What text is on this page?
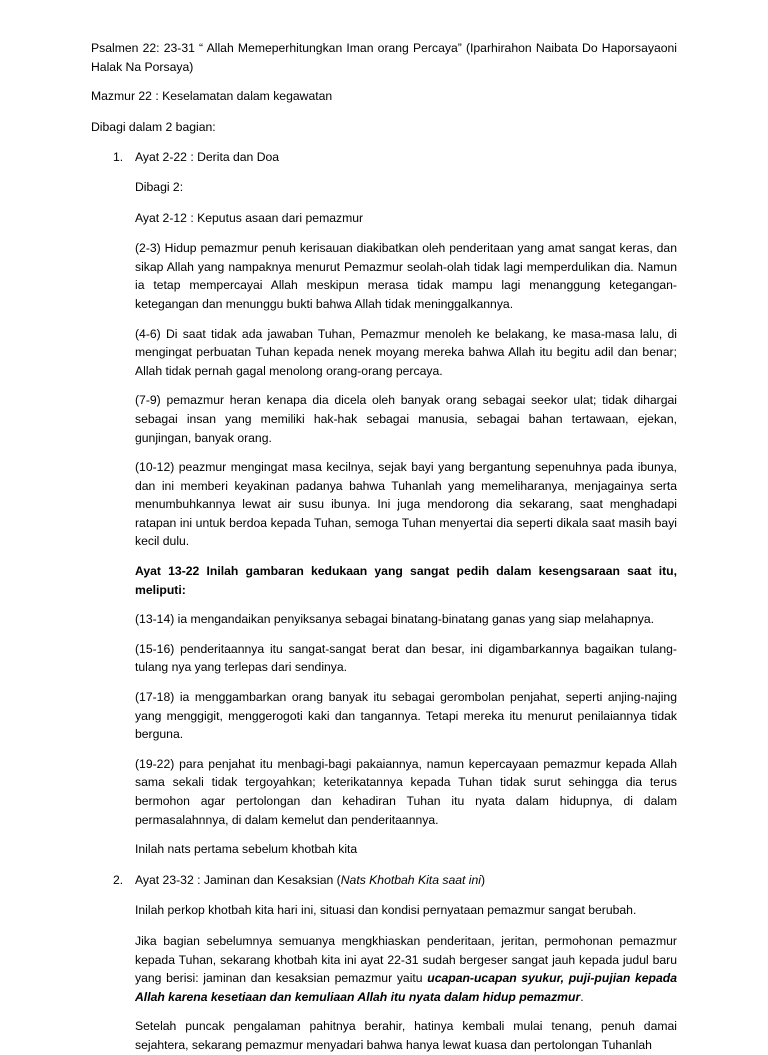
Psalmen 22: 23-31 “ Allah Memeperhitungkan Iman orang Percaya” (Iparhirahon Naibata Do Haporsayaoni Halak Na Porsaya)

Mazmur 22 : Keselamatan dalam kegawatan

Dibagi dalam 2 bagian:

1. Ayat 2-22 : Derita dan Doa

Dibagi 2:

Ayat 2-12 : Keputus asaan dari pemazmur

(2-3) Hidup pemazmur penuh kerisauan diakibatkan oleh penderitaan yang amat sangat keras, dan sikap Allah yang nampaknya menurut Pemazmur seolah-olah tidak lagi memperdulikan dia. Namun ia tetap mempercayai Allah meskipun merasa tidak mampu lagi menanggung ketegangan-ketegangan dan menunggu bukti bahwa Allah tidak meninggalkannya.

(4-6) Di saat tidak ada jawaban Tuhan, Pemazmur menoleh ke belakang, ke masa-masa lalu, di mengingat perbuatan Tuhan kepada nenek moyang mereka bahwa Allah itu begitu adil dan benar; Allah tidak pernah gagal menolong orang-orang percaya.

(7-9) pemazmur heran kenapa dia dicela oleh banyak orang sebagai seekor ulat; tidak dihargai sebagai insan yang memiliki hak-hak sebagai manusia, sebagai bahan tertawaan, ejekan, gunjingan, banyak orang.

(10-12) peazmur mengingat masa kecilnya, sejak bayi yang bergantung sepenuhnya pada ibunya, dan ini memberi keyakinan padanya bahwa Tuhanlah yang memeliharanya, menjagainya serta menumbuhkannya lewat air susu ibunya. Ini juga mendorong dia sekarang, saat menghadapi ratapan ini untuk berdoa kepada Tuhan, semoga Tuhan menyertai dia seperti dikala saat masih bayi kecil dulu.

Ayat 13-22 Inilah gambaran kedukaan yang sangat pedih dalam kesengsaraan saat itu, meliputi:

(13-14) ia mengandaikan penyiksanya sebagai binatang-binatang ganas yang siap melahapnya.

(15-16) penderitaannya itu sangat-sangat berat dan besar, ini digambarkannya bagaikan tulang-tulang nya yang terlepas dari sendinya.

(17-18) ia menggambarkan orang banyak itu sebagai gerombolan penjahat, seperti anjing-najing yang menggigit, menggerogoti kaki dan tangannya. Tetapi mereka itu menurut penilaiannya tidak berguna.

(19-22) para penjahat itu menbagi-bagi pakaiannya, namun kepercayaan pemazmur kepada Allah sama sekali tidak tergoyahkan; keterikatannya kepada Tuhan tidak surut sehingga dia terus bermohon agar pertolongan dan kehadiran Tuhan itu nyata dalam hidupnya, di dalam permasalahnnya, di dalam kemelut dan penderitaannya.

Inilah nats pertama sebelum khotbah kita

2. Ayat 23-32 : Jaminan dan Kesaksian (Nats Khotbah Kita saat ini)

Inilah perkop khotbah kita hari ini, situasi dan kondisi pernyataan pemazmur sangat berubah.

Jika bagian sebelumnya semuanya mengkhiaskan penderitaan, jeritan, permohonan pemazmur kepada Tuhan, sekarang khotbah kita ini ayat 22-31 sudah bergeser sangat jauh kepada judul baru yang berisi: jaminan dan kesaksian pemazmur yaitu ucapan-ucapan syukur, puji-pujian kepada Allah karena kesetiaan dan kemuliaan Allah itu nyata dalam hidup pemazmur.

Setelah puncak pengalaman pahitnya berahir, hatinya kembali mulai tenang, penuh damai sejahtera, sekarang pemazmur menyadari bahwa hanya lewat kuasa dan pertolongan Tuhanlah
